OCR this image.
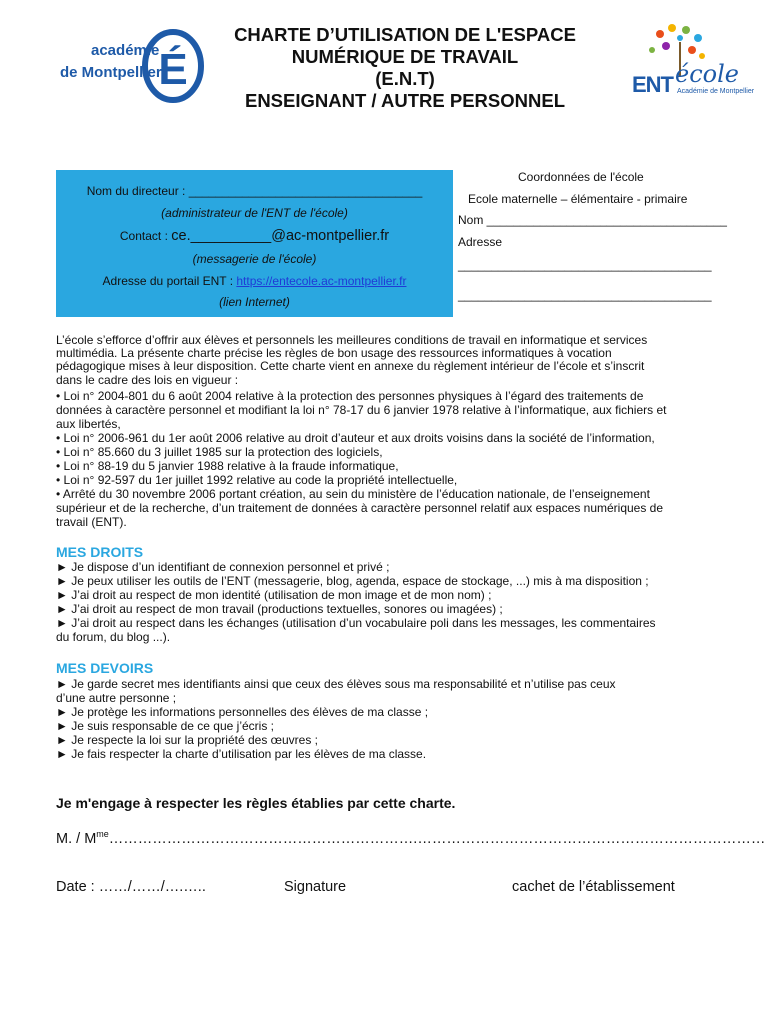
académie
de Montpellier
É
CHARTE D’UTILISATION DE L'ESPACE
NUMÉRIQUE DE TRAVAIL
(E.N.T)
ENSEIGNANT / AUTRE PERSONNEL
ENT école
Académie de Montpellier
Nom du directeur : ___________________________________
(administrateur de l'ENT de l'école)
Contact : ce.__________@ac-montpellier.fr
(messagerie de l'école)
Adresse du portail ENT : https://entecole.ac-montpellier.fr
(lien Internet)
Coordonnées de l'école
Ecole maternelle – élémentaire - primaire
Nom ____________________________________
Adresse
______________________________________
______________________________________
L’école s’efforce d’offrir aux élèves et personnels les meilleures conditions de travail en informatique et services
multimédia. La présente charte précise les règles de bon usage des ressources informatiques à vocation
pédagogique mises à leur disposition. Cette charte vient en annexe du règlement intérieur de l’école et s’inscrit
dans le cadre des lois en vigueur :
• Loi n° 2004-801 du 6 août 2004 relative à la protection des personnes physiques à l’égard des traitements de
données à caractère personnel et modifiant la loi n° 78-17 du 6 janvier 1978 relative à l’informatique, aux fichiers et
aux libertés,
• Loi n° 2006-961 du 1er août 2006 relative au droit d’auteur et aux droits voisins dans la société de l’information,
• Loi n° 85.660 du 3 juillet 1985 sur la protection des logiciels,
• Loi n° 88-19 du 5 janvier 1988 relative à la fraude informatique,
• Loi n° 92-597 du 1er juillet 1992 relative au code la propriété intellectuelle,
• Arrêté du 30 novembre 2006 portant création, au sein du ministère de l’éducation nationale, de l’enseignement
supérieur et de la recherche, d’un traitement de données à caractère personnel relatif aux espaces numériques de
travail (ENT).
MES DROITS
► Je dispose d’un identifiant de connexion personnel et privé ;
► Je peux utiliser les outils de l’ENT (messagerie, blog, agenda, espace de stockage, ...) mis à ma disposition ;
► J’ai droit au respect de mon identité (utilisation de mon image et de mon nom) ;
► J’ai droit au respect de mon travail (productions textuelles, sonores ou imagées) ;
► J’ai droit au respect dans les échanges (utilisation d’un vocabulaire poli dans les messages, les commentaires
du forum, du blog ...).
MES DEVOIRS
► Je garde secret mes identifiants ainsi que ceux des élèves sous ma responsabilité et n’utilise pas ceux
d’une autre personne ;
► Je protège les informations personnelles des élèves de ma classe ;
► Je suis responsable de ce que j’écris ;
► Je respecte la loi sur la propriété des œuvres ;
► Je fais respecter la charte d’utilisation par les élèves de ma classe.
Je m'engage à respecter les règles établies par cette charte.
M. / $M^{me}\dots\dots\dots\dots\dots\dots\dots\dots\dots\dots\dots\dots\dots\dots\dots\dots\dots\dots\dots\dots\dots.\dots\dots\dots\dots\dots\dots\dots\dots\dots\dots\dots\dots\dots\dots\dots\dots\dots\dots\dots\dots\dots\dots\dots\dots$
Date : ……/……/….…..	Signature	cachet de l’établissement
